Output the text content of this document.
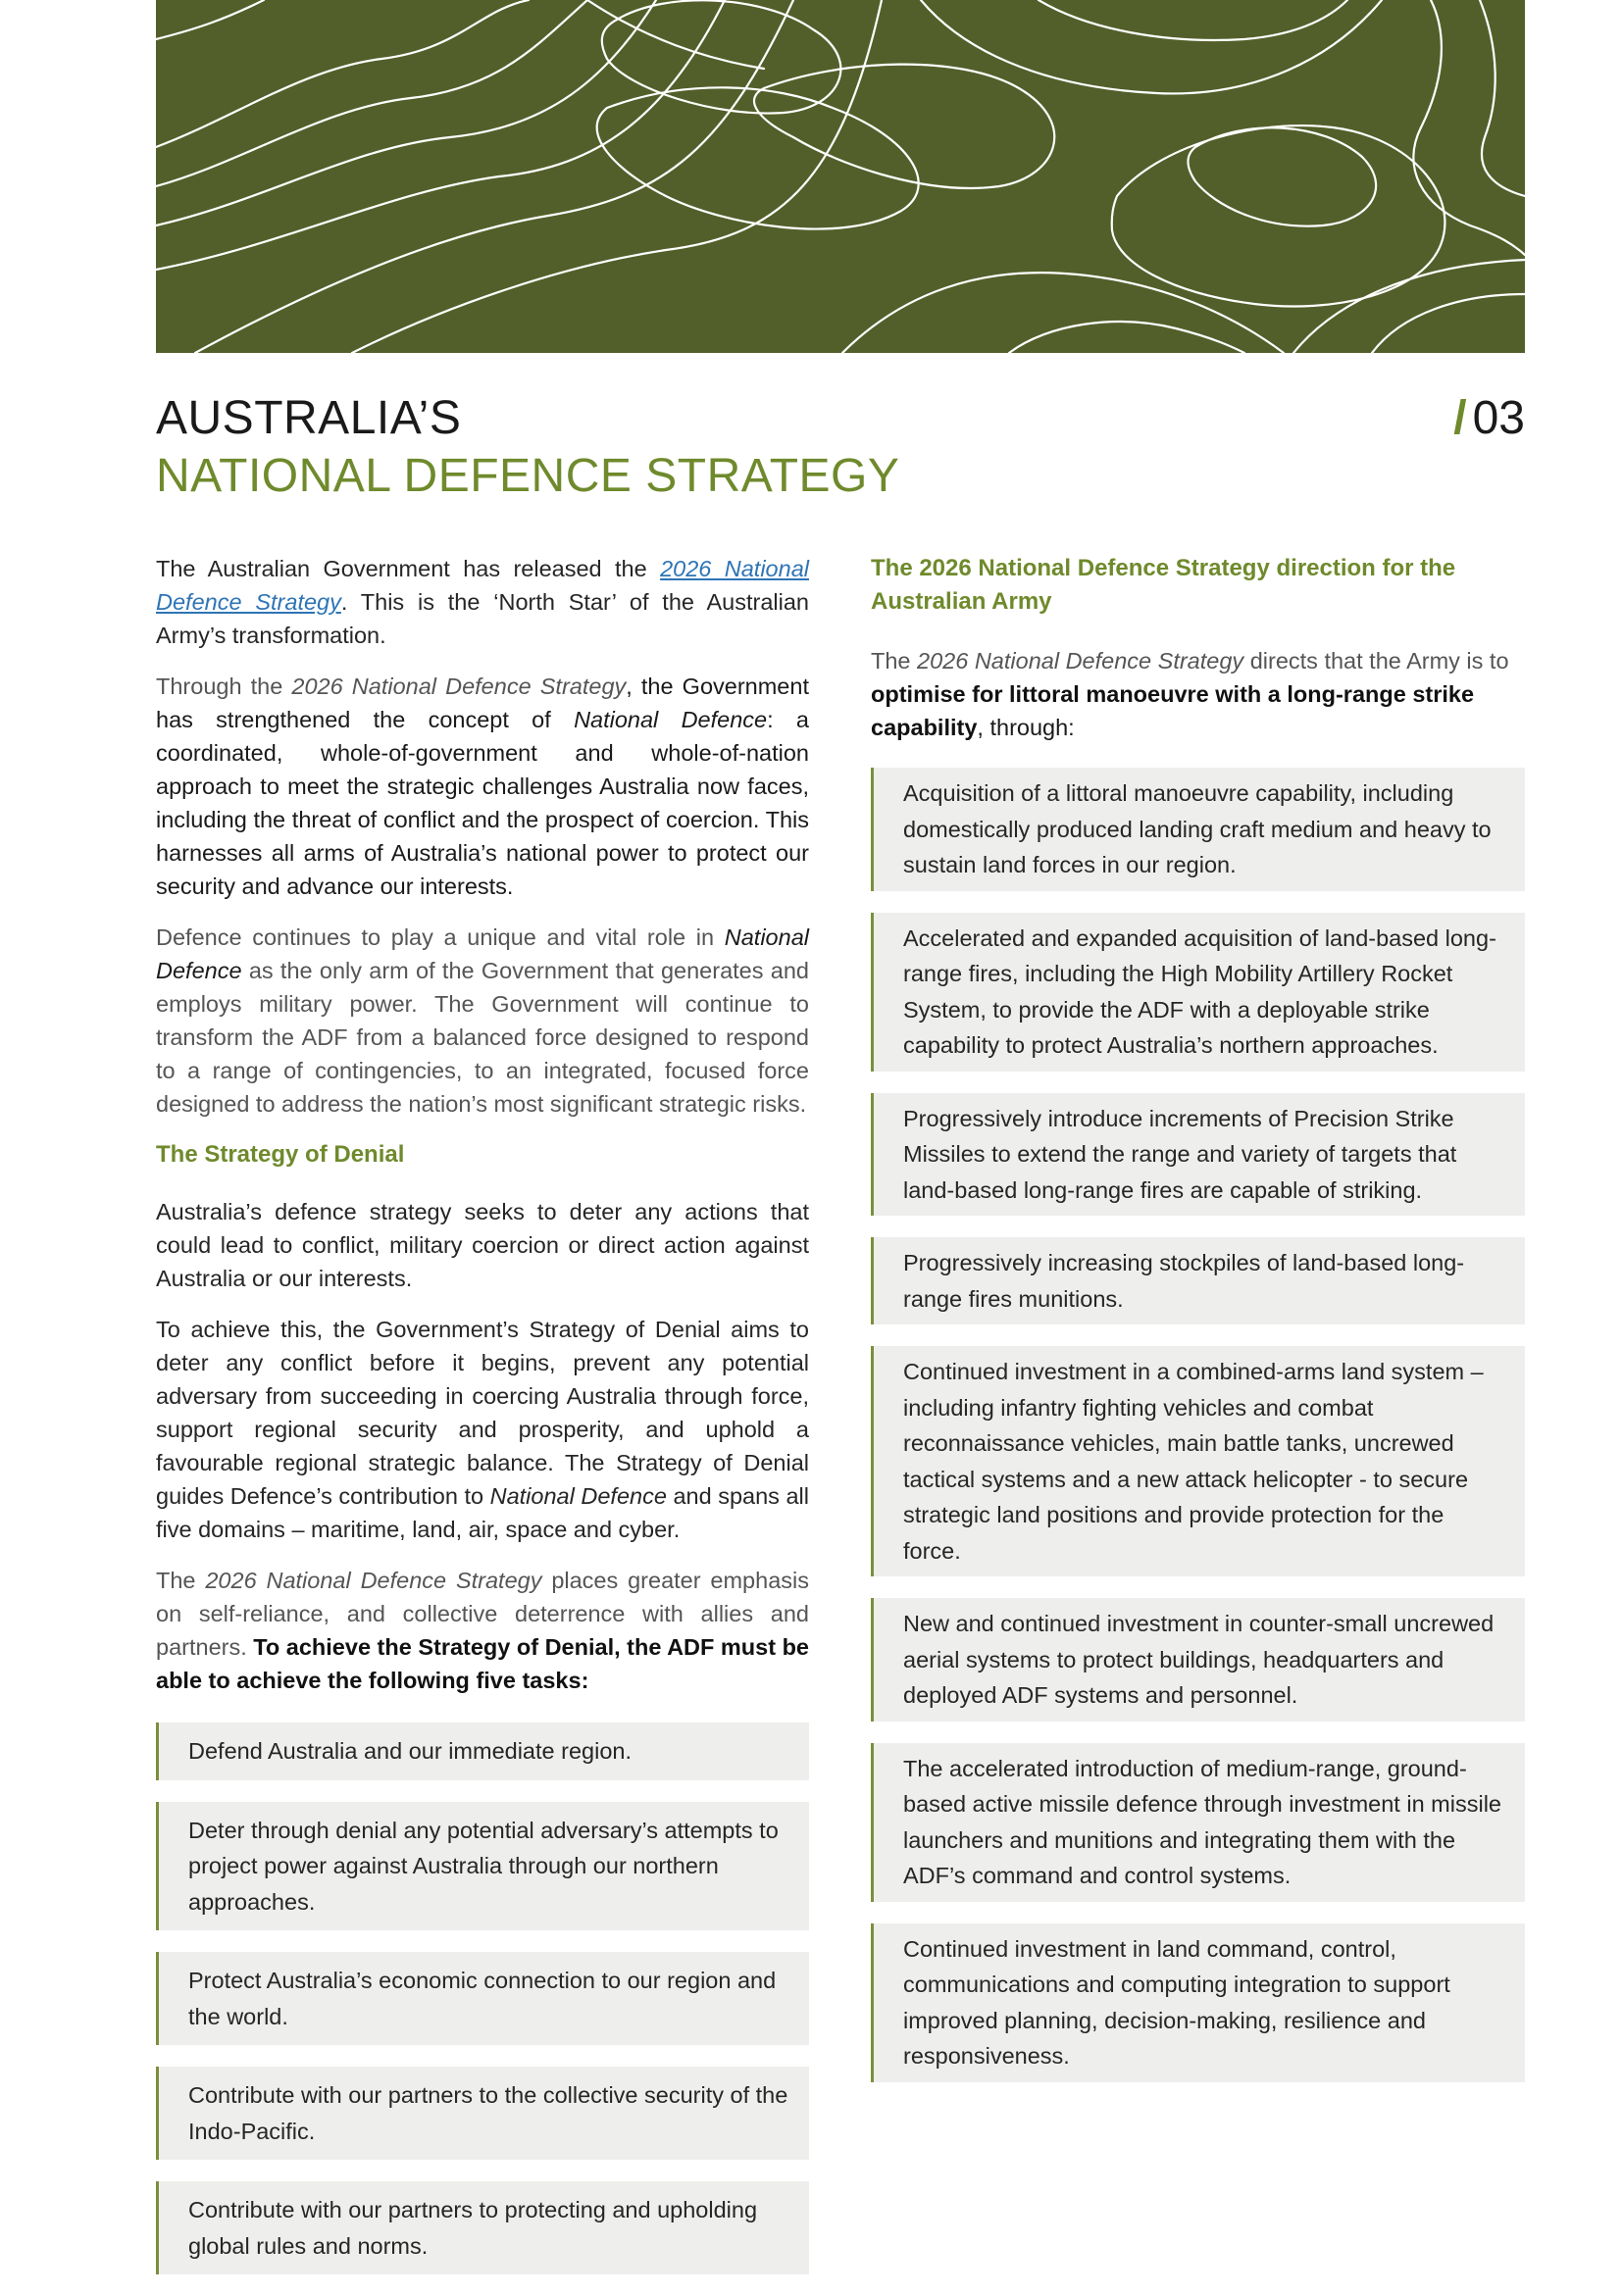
AUSTRALIA’S
NATIONAL DEFENCE STRATEGY
/ 03

The Australian Government has released the 2026 National Defence Strategy. This is the ‘North Star’ of the Australian Army’s transformation.

Through the 2026 National Defence Strategy, the Government has strengthened the concept of National Defence: a coordinated, whole-of-government and whole-of-nation approach to meet the strategic challenges Australia now faces, including the threat of conflict and the prospect of coercion. This harnesses all arms of Australia’s national power to protect our security and advance our interests.

Defence continues to play a unique and vital role in National Defence as the only arm of the Government that generates and employs military power. The Government will continue to transform the ADF from a balanced force designed to respond to a range of contingencies, to an integrated, focused force designed to address the nation’s most significant strategic risks.

The Strategy of Denial

Australia’s defence strategy seeks to deter any actions that could lead to conflict, military coercion or direct action against Australia or our interests.

To achieve this, the Government’s Strategy of Denial aims to deter any conflict before it begins, prevent any potential adversary from succeeding in coercing Australia through force, support regional security and prosperity, and uphold a favourable regional strategic balance. The Strategy of Denial guides Defence’s contribution to National Defence and spans all five domains – maritime, land, air, space and cyber.

The 2026 National Defence Strategy places greater emphasis on self-reliance, and collective deterrence with allies and partners. To achieve the Strategy of Denial, the ADF must be able to achieve the following five tasks:

Defend Australia and our immediate region.
Deter through denial any potential adversary’s attempts to project power against Australia through our northern approaches.
Protect Australia’s economic connection to our region and the world.
Contribute with our partners to the collective security of the Indo-Pacific.
Contribute with our partners to protecting and upholding global rules and norms.
The 2026 National Defence Strategy direction for the Australian Army

The 2026 National Defence Strategy directs that the Army is to optimise for littoral manoeuvre with a long-range strike capability, through:

Acquisition of a littoral manoeuvre capability, including domestically produced landing craft medium and heavy to sustain land forces in our region.
Accelerated and expanded acquisition of land-based long-range fires, including the High Mobility Artillery Rocket System, to provide the ADF with a deployable strike capability to protect Australia’s northern approaches.
Progressively introduce increments of Precision Strike Missiles to extend the range and variety of targets that land-based long-range fires are capable of striking.
Progressively increasing stockpiles of land-based long-range fires munitions.
Continued investment in a combined-arms land system – including infantry fighting vehicles and combat reconnaissance vehicles, main battle tanks, uncrewed tactical systems and a new attack helicopter - to secure strategic land positions and provide protection for the force.
New and continued investment in counter-small uncrewed aerial systems to protect buildings, headquarters and deployed ADF systems and personnel.
The accelerated introduction of medium-range, ground-based active missile defence through investment in missile launchers and munitions and integrating them with the ADF’s command and control systems.
Continued investment in land command, control, communications and computing integration to support improved planning, decision-making, resilience and responsiveness.
